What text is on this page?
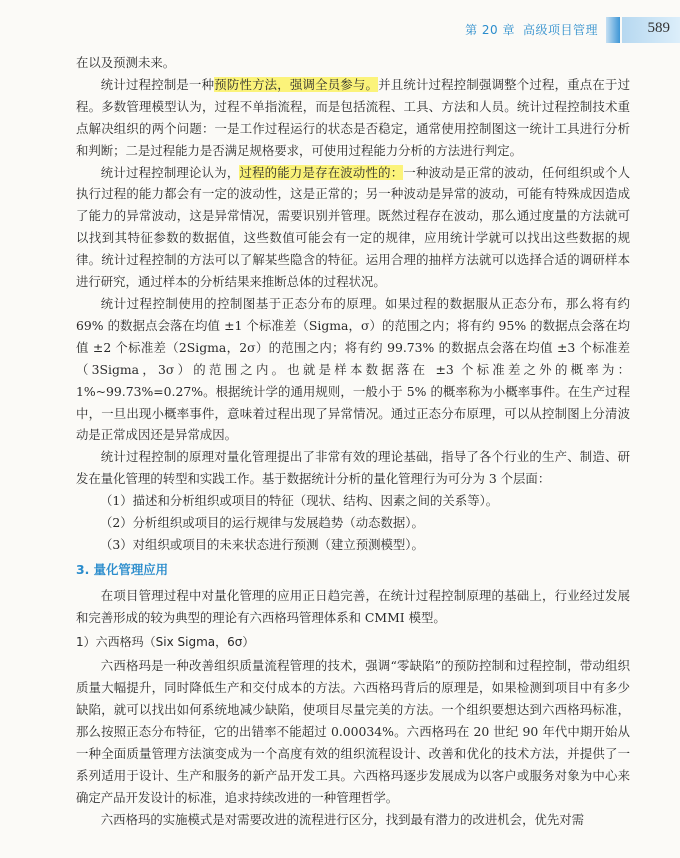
第 20 章 高级项目管理	589

在以及预测未来。

统计过程控制是一种预防性方法，强调全员参与。并且统计过程控制强调整个过程，重点在于过程。多数管理模型认为，过程不单指流程，而是包括流程、工具、方法和人员。统计过程控制技术重点解决组织的两个问题：一是工作过程运行的状态是否稳定，通常使用控制图这一统计工具进行分析和判断；二是过程能力是否满足规格要求，可使用过程能力分析的方法进行判定。

统计过程控制理论认为，过程的能力是存在波动性的：一种波动是正常的波动，任何组织或个人执行过程的能力都会有一定的波动性，这是正常的；另一种波动是异常的波动，可能有特殊成因造成了能力的异常波动，这是异常情况，需要识别并管理。既然过程存在波动，那么通过度量的方法就可以找到其特征参数的数据值，这些数值可能会有一定的规律，应用统计学就可以找出这些数据的规律。统计过程控制的方法可以了解某些隐含的特征。运用合理的抽样方法就可以选择合适的调研样本进行研究，通过样本的分析结果来推断总体的过程状况。

统计过程控制使用的控制图基于正态分布的原理。如果过程的数据服从正态分布，那么将有约 69% 的数据点会落在均值 ±1 个标准差（Sigma，σ）的范围之内；将有约 95% 的数据点会落在均值 ±2 个标准差（2Sigma，2σ）的范围之内；将有约 99.73% 的数据点会落在均值 ±3 个标准差（3Sigma，3σ）的范围之内。也就是样本数据落在 ±3 个标准差之外的概率为：1%~99.73%=0.27%。根据统计学的通用规则，一般小于 5% 的概率称为小概率事件。在生产过程中，一旦出现小概率事件，意味着过程出现了异常情况。通过正态分布原理，可以从控制图上分清波动是正常成因还是异常成因。

统计过程控制的原理对量化管理提出了非常有效的理论基础，指导了各个行业的生产、制造、研发在量化管理的转型和实践工作。基于数据统计分析的量化管理行为可分为 3 个层面：

（1）描述和分析组织或项目的特征（现状、结构、因素之间的关系等）。

（2）分析组织或项目的运行规律与发展趋势（动态数据）。

（3）对组织或项目的未来状态进行预测（建立预测模型）。

3. 量化管理应用

在项目管理过程中对量化管理的应用正日趋完善，在统计过程控制原理的基础上，行业经过发展和完善形成的较为典型的理论有六西格玛管理体系和 CMMI 模型。

1）六西格玛（Six Sigma，6σ）

六西格玛是一种改善组织质量流程管理的技术，强调“零缺陷”的预防控制和过程控制，带动组织质量大幅提升，同时降低生产和交付成本的方法。六西格玛背后的原理是，如果检测到项目中有多少缺陷，就可以找出如何系统地减少缺陷，使项目尽量完美的方法。一个组织要想达到六西格玛标准，那么按照正态分布特征，它的出错率不能超过 0.00034%。六西格玛在 20 世纪 90 年代中期开始从一种全面质量管理方法演变成为一个高度有效的组织流程设计、改善和优化的技术方法，并提供了一系列适用于设计、生产和服务的新产品开发工具。六西格玛逐步发展成为以客户或服务对象为中心来确定产品开发设计的标准，追求持续改进的一种管理哲学。

六西格玛的实施模式是对需要改进的流程进行区分，找到最有潜力的改进机会，优先对需
